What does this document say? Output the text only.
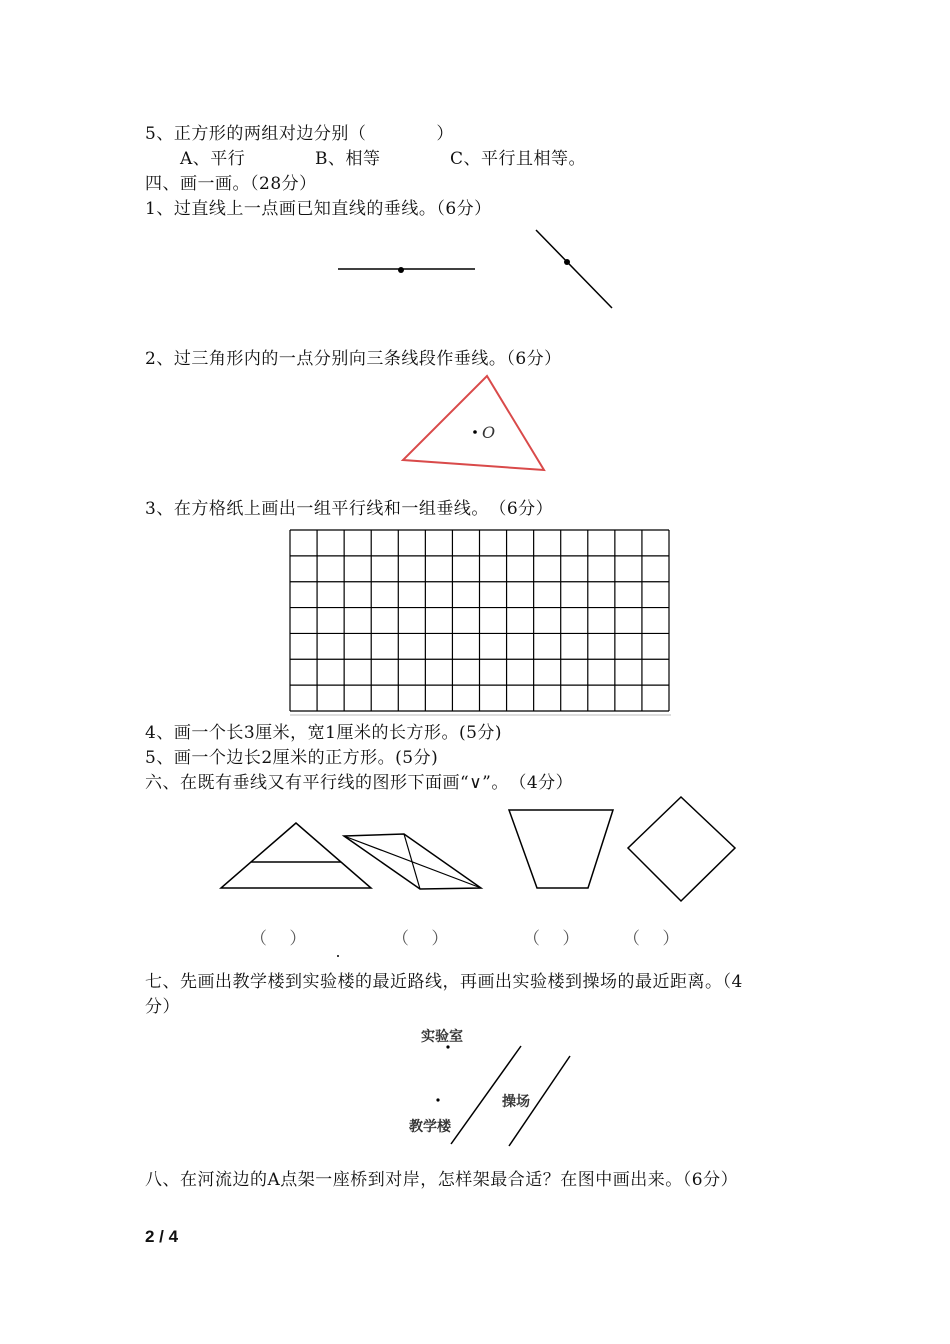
5、正方形的两组对边分别（　　　　）
A、平行	B、相等	C、平行且相等。
四、画一画。（28分）
1、过直线上一点画已知直线的垂线。（6分）
2、过三角形内的一点分别向三条线段作垂线。（6分）
O
3、在方格纸上画出一组平行线和一组垂线。　（6分）
4、画一个长3厘米，宽1厘米的长方形。(5分)
5、画一个边长2厘米的正方形。(5分)
六、在既有垂线又有平行线的图形下面画“∨”。　（4分）
（　 ）	（　 ）	（　 ）	（　 ）
七、先画出教学楼到实验楼的最近路线，再画出实验楼到操场的最近距离。（4
分）
实验室
教学楼
操场
八、在河流边的A点架一座桥到对岸，怎样架最合适？在图中画出来。（6分）
2 / 4
